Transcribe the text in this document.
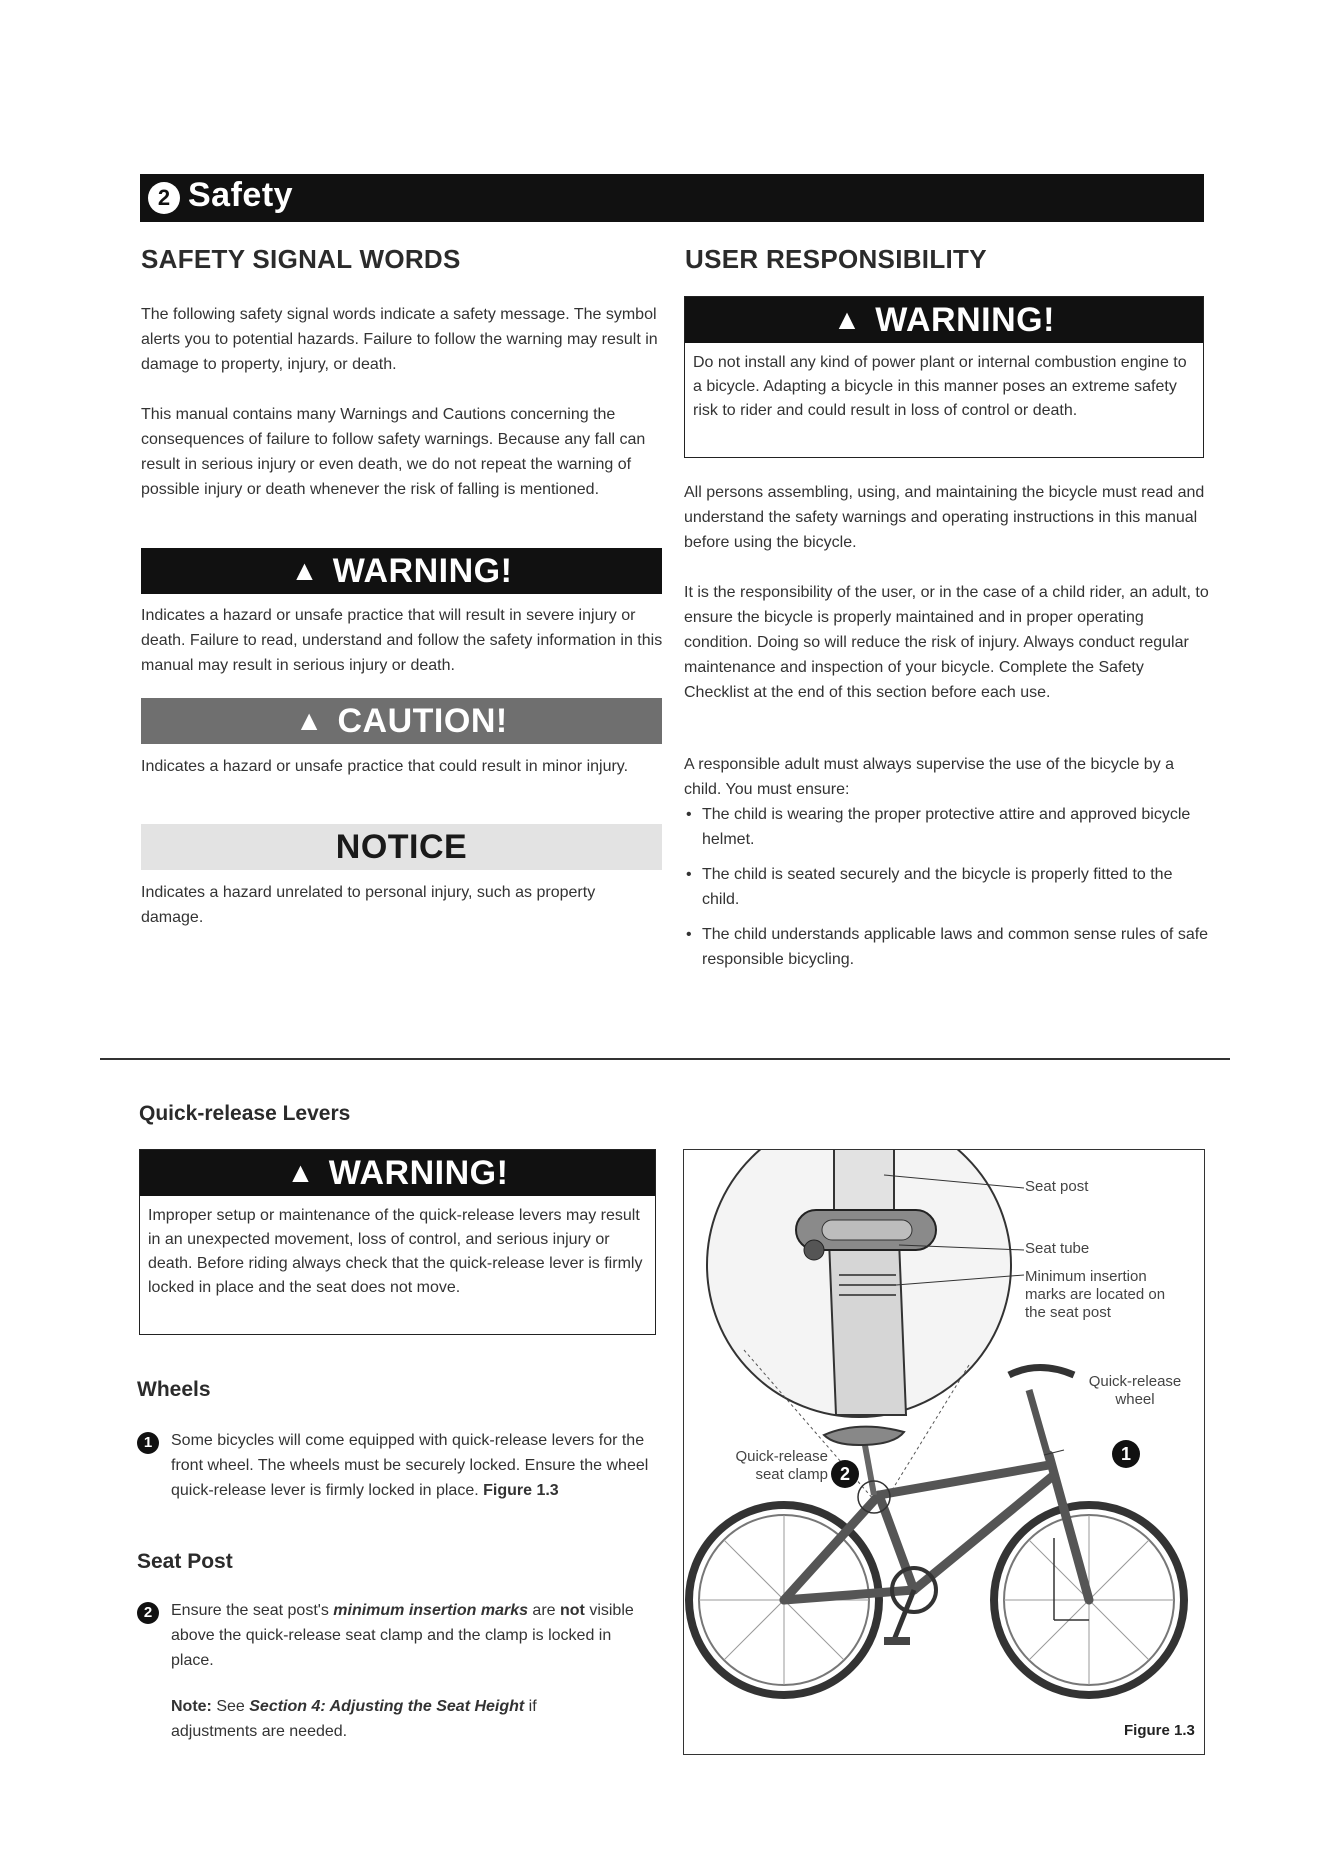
2 Safety
SAFETY SIGNAL WORDS
The following safety signal words indicate a safety message. The symbol alerts you to potential hazards. Failure to follow the warning may result in damage to property, injury, or death.
This manual contains many Warnings and Cautions concerning the consequences of failure to follow safety warnings. Because any fall can result in serious injury or even death, we do not repeat the warning of possible injury or death whenever the risk of falling is mentioned.
▲ WARNING!
Indicates a hazard or unsafe practice that will result in severe injury or death. Failure to read, understand and follow the safety information in this manual may result in serious injury or death.
▲ CAUTION!
Indicates a hazard or unsafe practice that could result in minor injury.
NOTICE
Indicates a hazard unrelated to personal injury, such as property damage.
USER RESPONSIBILITY
▲ WARNING!
Do not install any kind of power plant or internal combustion engine to a bicycle. Adapting a bicycle in this manner poses an extreme safety risk to rider and could result in loss of control or death.
All persons assembling, using, and maintaining the bicycle must read and understand the safety warnings and operating instructions in this manual before using the bicycle.
It is the responsibility of the user, or in the case of a child rider, an adult, to ensure the bicycle is properly maintained and in proper operating condition. Doing so will reduce the risk of injury. Always conduct regular maintenance and inspection of your bicycle. Complete the Safety Checklist at the end of this section before each use.
A responsible adult must always supervise the use of the bicycle by a child. You must ensure:
• The child is wearing the proper protective attire and approved bicycle helmet.
• The child is seated securely and the bicycle is properly fitted to the child.
• The child understands applicable laws and common sense rules of safe responsible bicycling.
Quick-release Levers
▲ WARNING!
Improper setup or maintenance of the quick-release levers may result in an unexpected movement, loss of control, and serious injury or death. Before riding always check that the quick-release lever is firmly locked in place and the seat does not move.
Wheels
1	Some bicycles will come equipped with quick-release levers for the front wheel. The wheels must be securely locked. Ensure the wheel quick-release lever is firmly locked in place. Figure 1.3
Seat Post
2	Ensure the seat post's minimum insertion marks are not visible above the quick-release seat clamp and the clamp is locked in place.
Note: See Section 4: Adjusting the Seat Height if adjustments are needed.
Seat post
Seat tube
Minimum insertion
marks are located on
the seat post
Quick-release
wheel
Quick-release
seat clamp
1
2
Figure 1.3
